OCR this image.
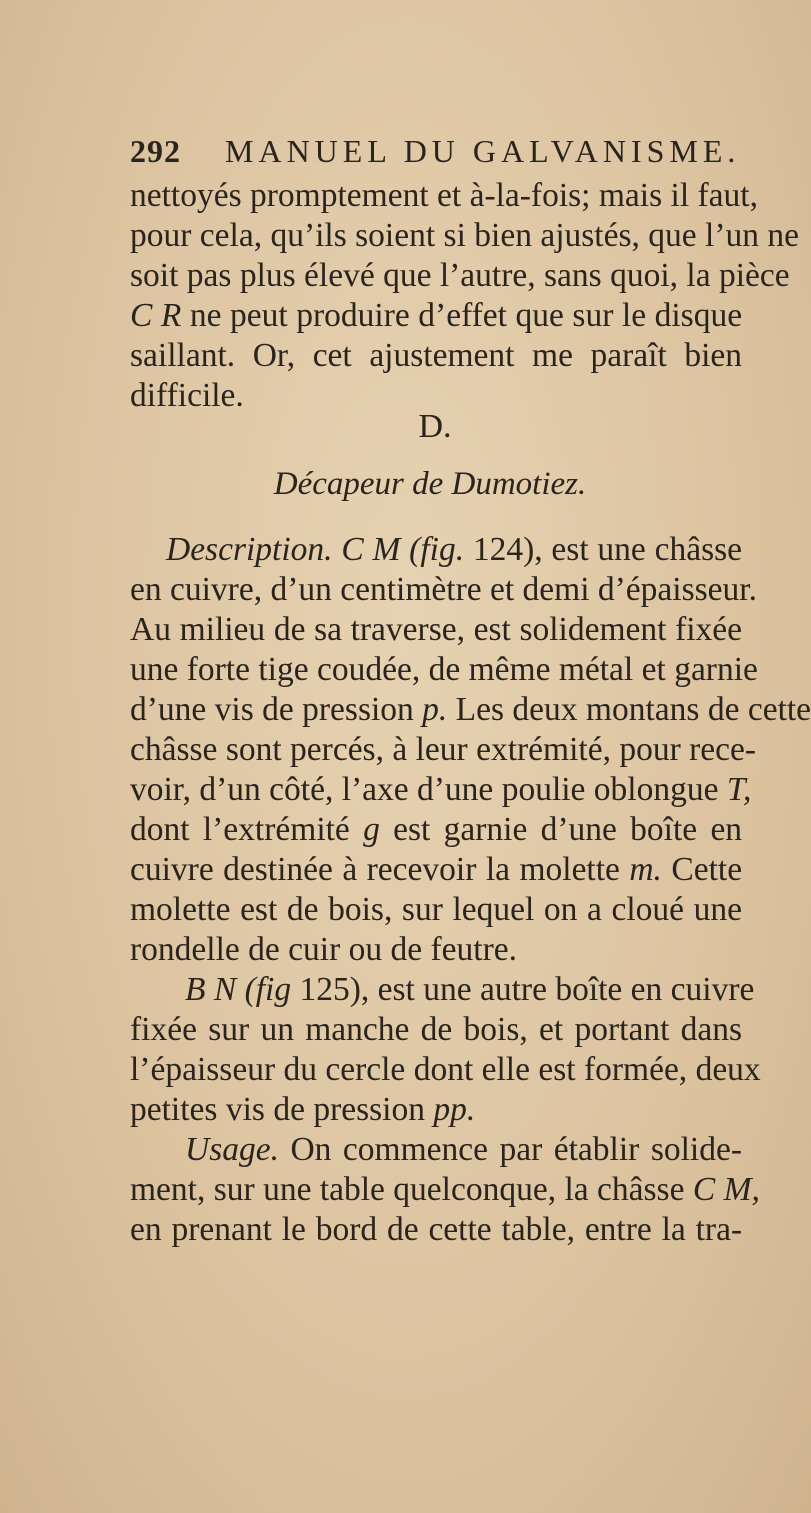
292 MANUEL DU GALVANISME.
nettoyés promptement et à-la-fois; mais il faut,
pour cela, qu’ils soient si bien ajustés, que l’un ne
soit pas plus élevé que l’autre, sans quoi, la pièce
C R ne peut produire d’effet que sur le disque
saillant. Or, cet ajustement me paraît bien
difficile.
D.
Décapeur de Dumotiez.
Description. C M (fig. 124), est une châsse
en cuivre, d’un centimètre et demi d’épaisseur.
Au milieu de sa traverse, est solidement fixée
une forte tige coudée, de même métal et garnie
d’une vis de pression p. Les deux montans de cette
châsse sont percés, à leur extrémité, pour rece-
voir, d’un côté, l’axe d’une poulie oblongue T,
dont l’extrémité g est garnie d’une boîte en
cuivre destinée à recevoir la molette m. Cette
molette est de bois, sur lequel on a cloué une
rondelle de cuir ou de feutre.
B N (fig 125), est une autre boîte en cuivre
fixée sur un manche de bois, et portant dans
l’épaisseur du cercle dont elle est formée, deux
petites vis de pression pp.
Usage. On commence par établir solide-
ment, sur une table quelconque, la châsse C M,
en prenant le bord de cette table, entre la tra-
